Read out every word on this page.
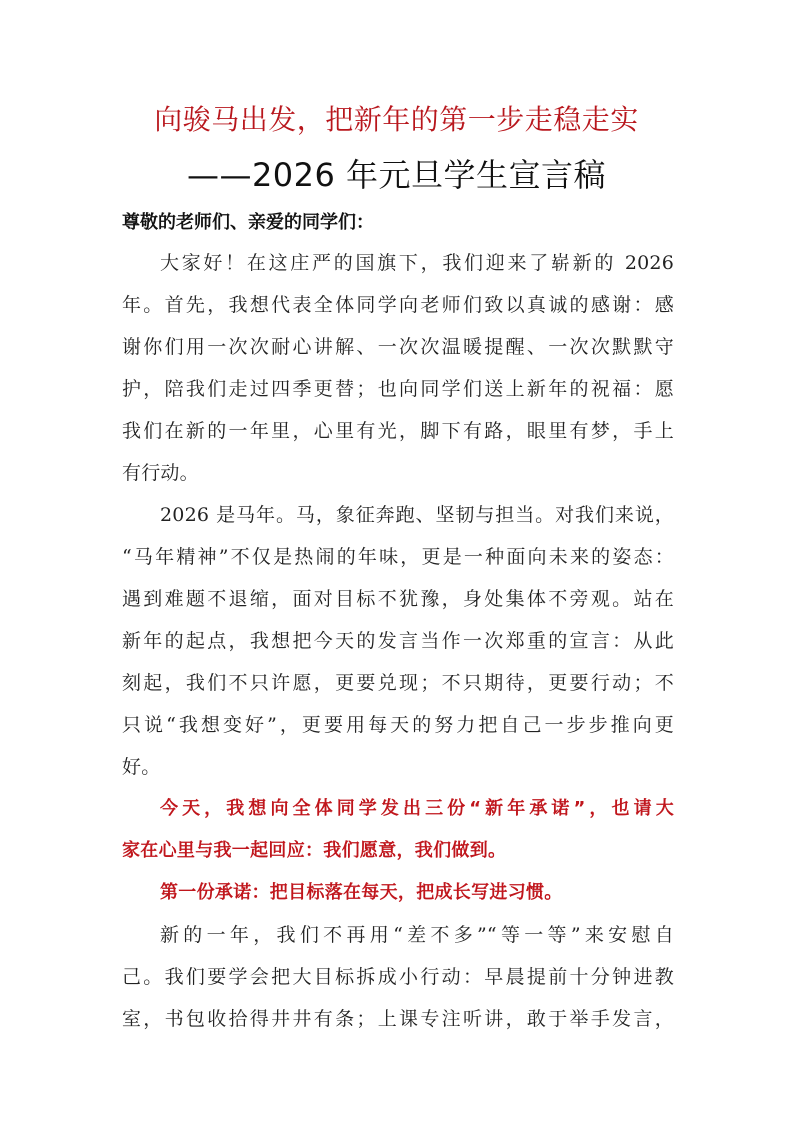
向骏马出发，把新年的第一步走稳走实
——2026 年元旦学生宣言稿
尊敬的老师们、亲爱的同学们：
大家好！在这庄严的国旗下，我们迎来了崭新的 2026
年。首先，我想代表全体同学向老师们致以真诚的感谢：感
谢你们用一次次耐心讲解、一次次温暖提醒、一次次默默守
护，陪我们走过四季更替；也向同学们送上新年的祝福：愿
我们在新的一年里，心里有光，脚下有路，眼里有梦，手上
有行动。
2026 是马年。马，象征奔跑、坚韧与担当。对我们来说，
“马年精神”不仅是热闹的年味，更是一种面向未来的姿态：
遇到难题不退缩，面对目标不犹豫，身处集体不旁观。站在
新年的起点，我想把今天的发言当作一次郑重的宣言：从此
刻起，我们不只许愿，更要兑现；不只期待，更要行动；不
只说“我想变好”，更要用每天的努力把自己一步步推向更
好。
今天，我想向全体同学发出三份“新年承诺”，也请大
家在心里与我一起回应：我们愿意，我们做到。
第一份承诺：把目标落在每天，把成长写进习惯。
新的一年，我们不再用“差不多”“等一等”来安慰自
己。我们要学会把大目标拆成小行动：早晨提前十分钟进教
室，书包收拾得井井有条；上课专注听讲，敢于举手发言，
